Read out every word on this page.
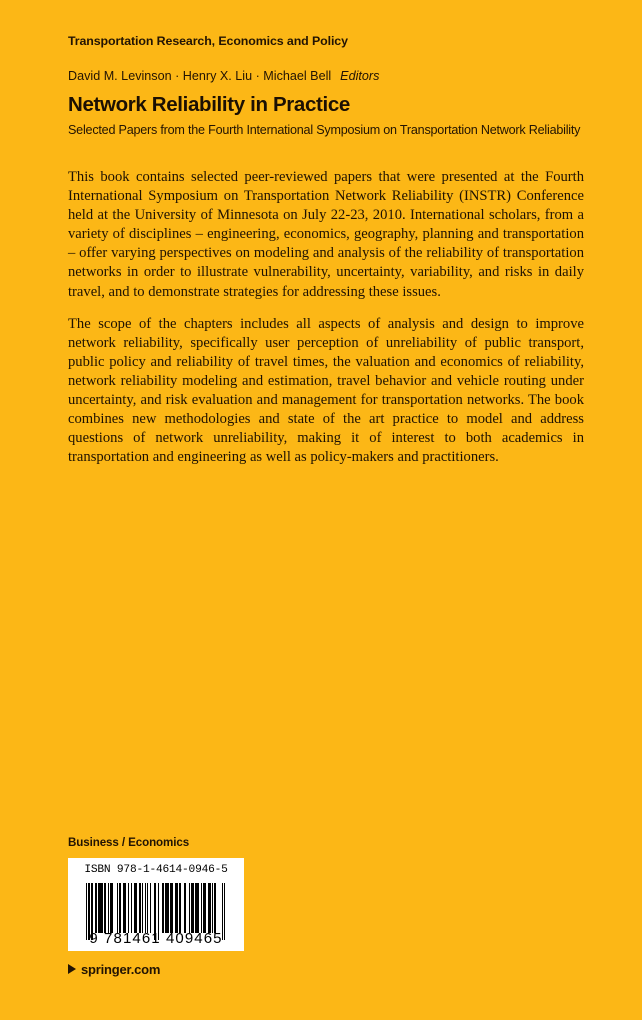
Transportation Research, Economics and Policy
David M. Levinson · Henry X. Liu · Michael Bell Editors
Network Reliability in Practice
Selected Papers from the Fourth International Symposium on Transportation Network Reliability

This book contains selected peer-reviewed papers that were presented at the Fourth International Symposium on Transportation Network Reliability (INSTR) Conference held at the University of Minnesota on July 22-23, 2010. International scholars, from a variety of disciplines – engineering, economics, geography, planning and transportation – offer varying perspectives on modeling and analysis of the reliability of transportation networks in order to illustrate vulnerability, uncertainty, variability, and risks in daily travel, and to demonstrate strategies for addressing these issues.

The scope of the chapters includes all aspects of analysis and design to improve network reliability, specifically user perception of unreliability of public transport, public policy and reliability of travel times, the valuation and economics of reliability, network reliability modeling and estimation, travel behavior and vehicle routing under uncertainty, and risk evaluation and management for transportation networks. The book combines new methodologies and state of the art practice to model and address questions of network unreliability, making it of interest to both academics in transportation and engineering as well as policy-makers and practitioners.

Business / Economics
ISBN 978-1-4614-0946-5
9 781461 409465
springer.com
